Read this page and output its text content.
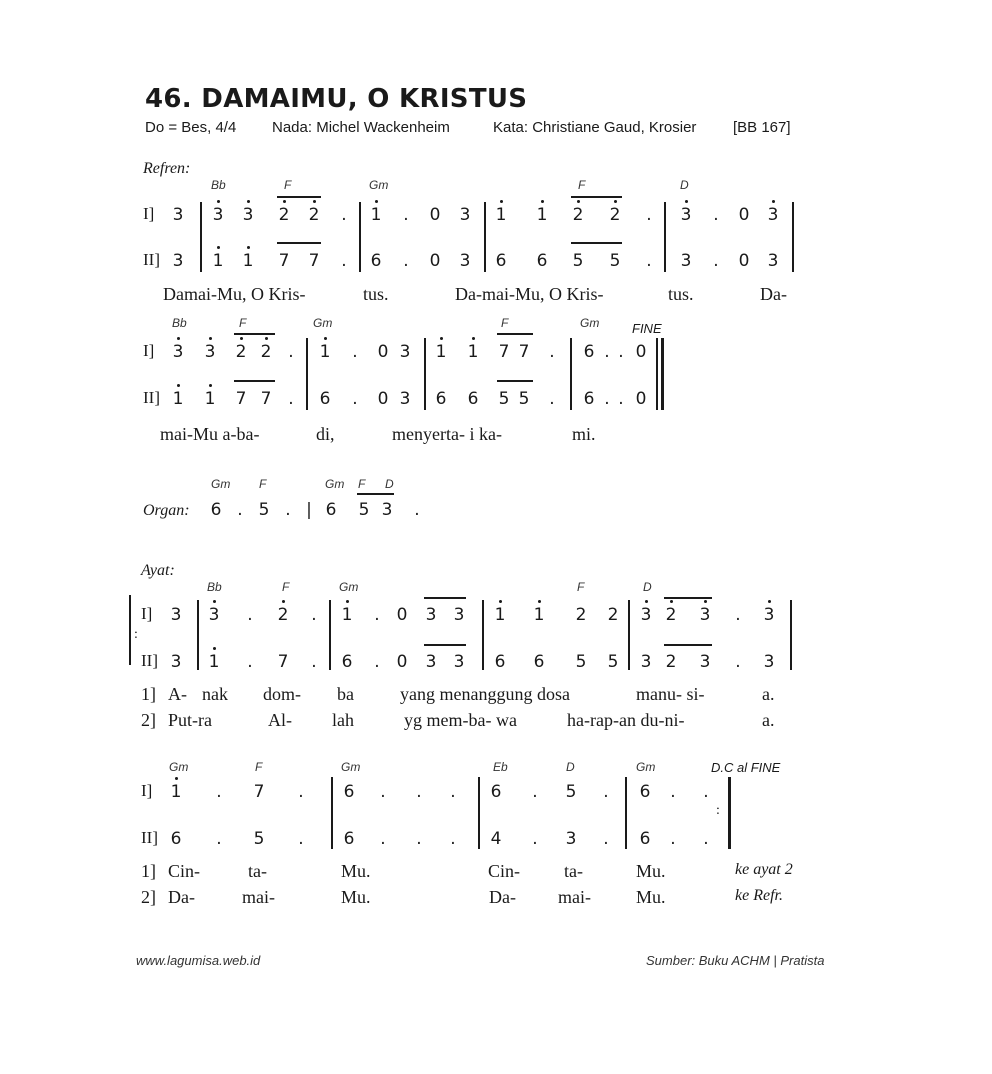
46. DAMAIMU, O KRISTUS
Do = Bes, 4/4 Nada: Michel Wackenheim	Kata: Christiane Gaud, Krosier [BB 167]
Refren:
Bb	F	Gm	F	D
I]
II]
3 3 3 2 2 . 1 . 0 3 1 1 2 2 . 3 . 0 3
3 1 1 7 7 . 6 . 0 3 6 6 5 5 . 3 . 0 3
Damai-Mu, O Kris-	tus.	Da-mai-Mu, O Kris-	tus.	Da-
Bb	F	Gm	F	Gm	FINE
I]
II]
3 3 2 2 . 1 . 0 3 1 1 7 7 . 6 . . 0
1 1 7 7 . 6 . 0 3 6 6 5 5 . 6 . . 0
mai-Mu a-ba-	di,	menyerta- i ka-	mi.
Gm F	Gm F D
Organ: 6 . 5 . | 6 5 3 .
Ayat:
Bb	F	Gm	F	D
:
I]
II]
3 3 . 2 . 1 . 0 3 3 1 1 2 2 3 2 3 . 3
3 1 . 7 . 6 . 0 3 3 6 6 5 5 3 2 3 . 3
1] A- nak dom- ba	yang menanggung dosa	manu- si-	a.
2] Put-ra	Al- lah	yg mem-ba- wa	ha-rap-an du-ni-	a.
Gm	F	Gm	Eb	D	Gm	D.C al FINE
I]
II]
1 . 7 . 6 . . . 6 . 5 . 6 . .
6 . 5 . 6 . . . 4 . 3 . 6 . .
:
1] Cin-	ta-	Mu.	Cin- ta-	Mu.	ke ayat 2
2] Da-	mai-	Mu.	Da- mai-	Mu.	ke Refr.
www.lagumisa.web.id	Sumber: Buku ACHM | Pratista
